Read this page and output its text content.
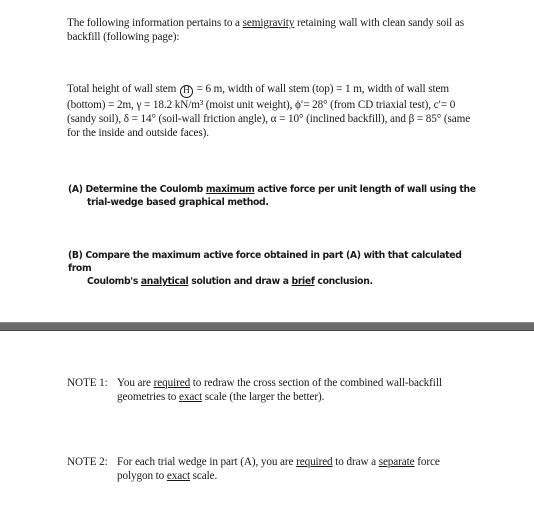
The following information pertains to a semigravity retaining wall with clean sandy soil as backfill (following page):
Total height of wall stem H = 6 m, width of wall stem (top) = 1 m, width of wall stem (bottom) = 2m, γ = 18.2 kN/m³ (moist unit weight), ϕ′= 28° (from CD triaxial test), c′= 0 (sandy soil), δ = 14° (soil-wall friction angle), α = 10° (inclined backfill), and β = 85° (same for the inside and outside faces).
(A) Determine the Coulomb maximum active force per unit length of wall using the
trial-wedge based graphical method.
(B) Compare the maximum active force obtained in part (A) with that calculated from
Coulomb's analytical solution and draw a brief conclusion.
NOTE 1: You are required to redraw the cross section of the combined wall-backfill
geometries to exact scale (the larger the better).
NOTE 2: For each trial wedge in part (A), you are required to draw a separate force
polygon to exact scale.
